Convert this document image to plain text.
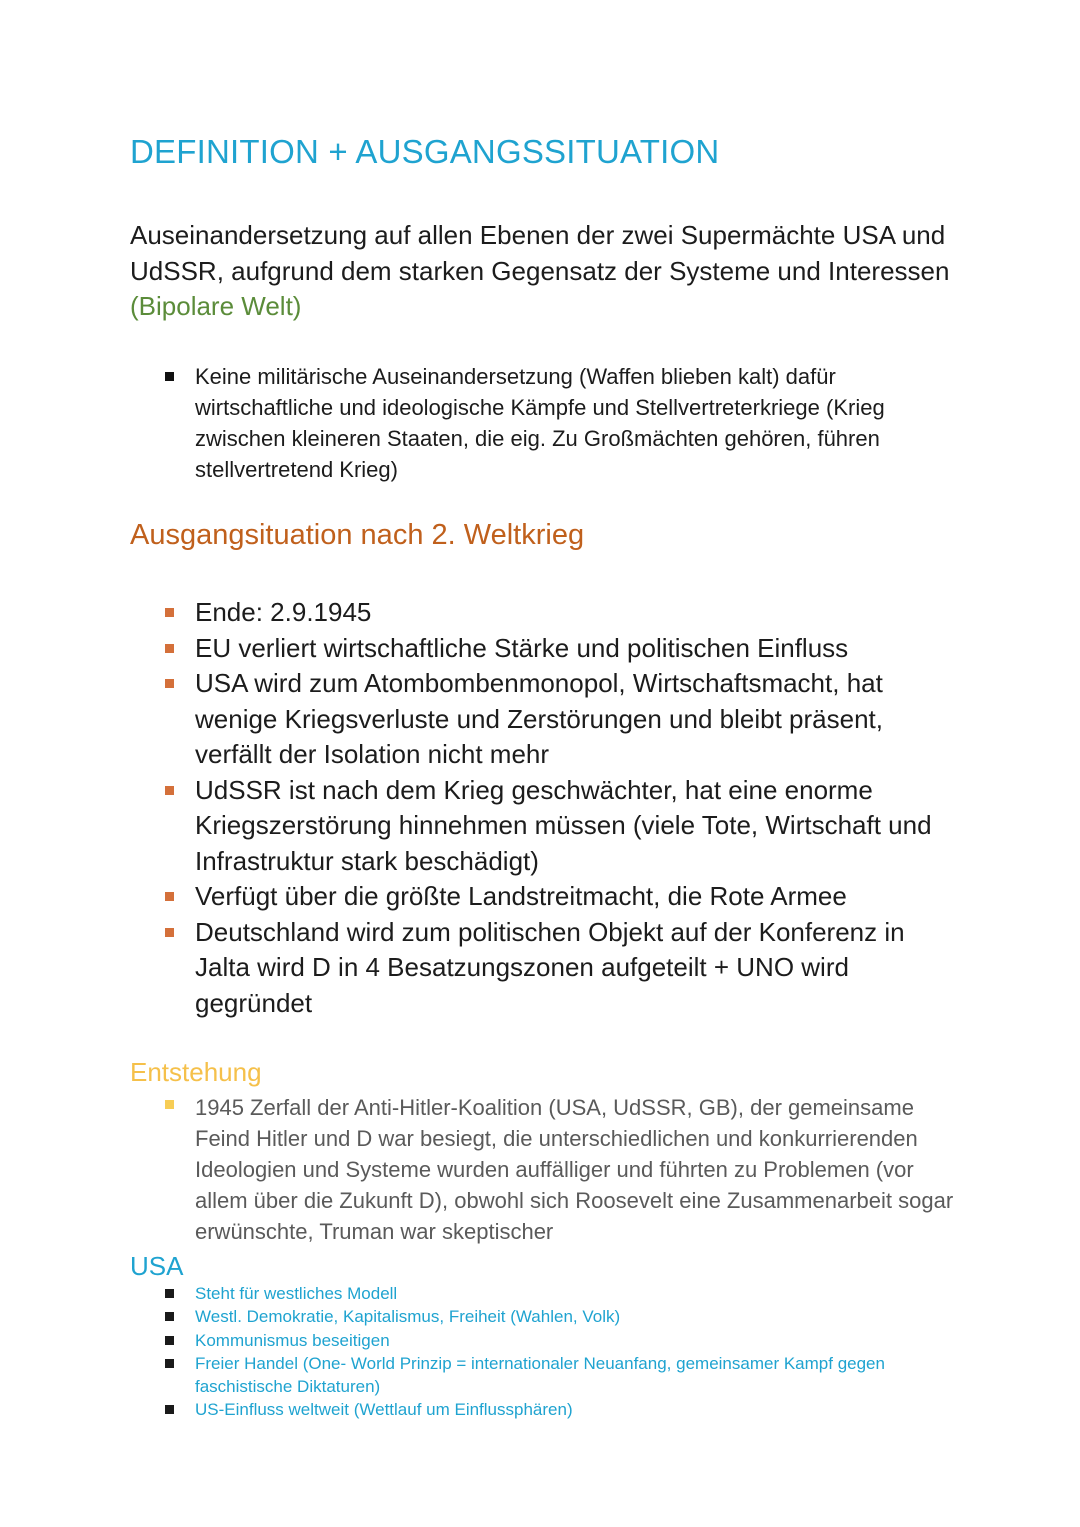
DEFINITION + AUSGANGSSITUATION
Auseinandersetzung auf allen Ebenen der zwei Supermächte USA und UdSSR, aufgrund dem starken Gegensatz der Systeme und Interessen (Bipolare Welt)
Keine militärische Auseinandersetzung (Waffen blieben kalt) dafür wirtschaftliche und ideologische Kämpfe und Stellvertreterkriege (Krieg zwischen kleineren Staaten, die eig. Zu Großmächten gehören, führen stellvertretend Krieg)
Ausgangsituation nach 2. Weltkrieg
Ende: 2.9.1945
EU verliert wirtschaftliche Stärke und politischen Einfluss
USA wird zum Atombombenmonopol, Wirtschaftsmacht, hat wenige Kriegsverluste und Zerstörungen und bleibt präsent, verfällt der Isolation nicht mehr
UdSSR ist nach dem Krieg geschwächter, hat eine enorme Kriegszerstörung hinnehmen müssen (viele Tote, Wirtschaft und Infrastruktur stark beschädigt)
Verfügt über die größte Landstreitmacht, die Rote Armee
Deutschland wird zum politischen Objekt auf der Konferenz in Jalta wird D in 4 Besatzungszonen aufgeteilt + UNO wird gegründet
Entstehung
1945 Zerfall der Anti-Hitler-Koalition (USA, UdSSR, GB), der gemeinsame Feind Hitler und D war besiegt, die unterschiedlichen und konkurrierenden Ideologien und Systeme wurden auffälliger und führten zu Problemen (vor allem über die Zukunft D), obwohl sich Roosevelt eine Zusammenarbeit sogar erwünschte, Truman war skeptischer
USA
Steht für westliches Modell
Westl. Demokratie, Kapitalismus, Freiheit (Wahlen, Volk)
Kommunismus beseitigen
Freier Handel (One- World Prinzip = internationaler Neuanfang, gemeinsamer Kampf gegen faschistische Diktaturen)
US-Einfluss weltweit (Wettlauf um Einflussphären)
